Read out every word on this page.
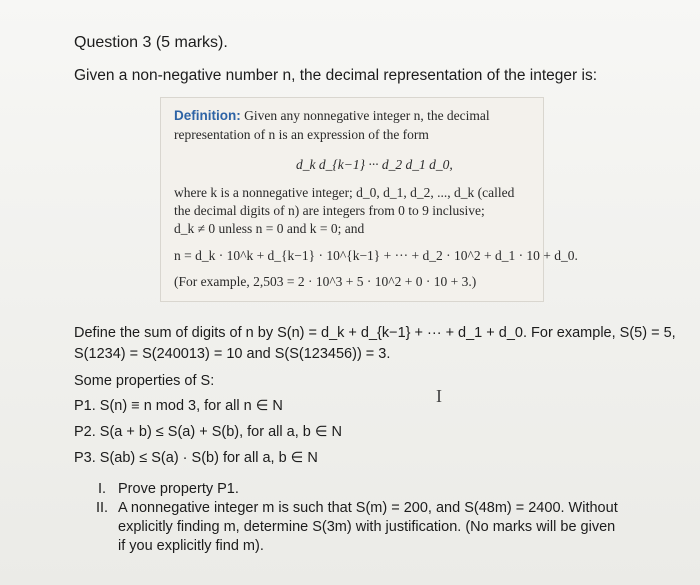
Question 3 (5 marks).
Given a non-negative number n, the decimal representation of the integer is:
Definition: Given any nonnegative integer n, the decimal
representation of n is an expression of the form
d_k d_{k−1} ··· d_2 d_1 d_0,
where k is a nonnegative integer; d_0, d_1, d_2, ..., d_k (called
the decimal digits of n) are integers from 0 to 9 inclusive;
d_k ≠ 0 unless n = 0 and k = 0; and
n = d_k · 10^k + d_{k−1} · 10^{k−1} + ··· + d_2 · 10^2 + d_1 · 10 + d_0.
(For example, 2,503 = 2 · 10^3 + 5 · 10^2 + 0 · 10 + 3.)
Define the sum of digits of n by S(n) = d_k + d_{k−1} + ··· + d_1 + d_0. For example, S(5) = 5,
S(1234) = S(240013) = 10 and S(S(123456)) = 3.
Some properties of S:
P1. S(n) ≡ n mod 3, for all n ∈ N
P2. S(a + b) ≤ S(a) + S(b), for all a, b ∈ N
P3. S(ab) ≤ S(a) · S(b) for all a, b ∈ N
I
I. Prove property P1.
II. A nonnegative integer m is such that S(m) = 200, and S(48m) = 2400. Without
explicitly finding m, determine S(3m) with justification. (No marks will be given
if you explicitly find m).
